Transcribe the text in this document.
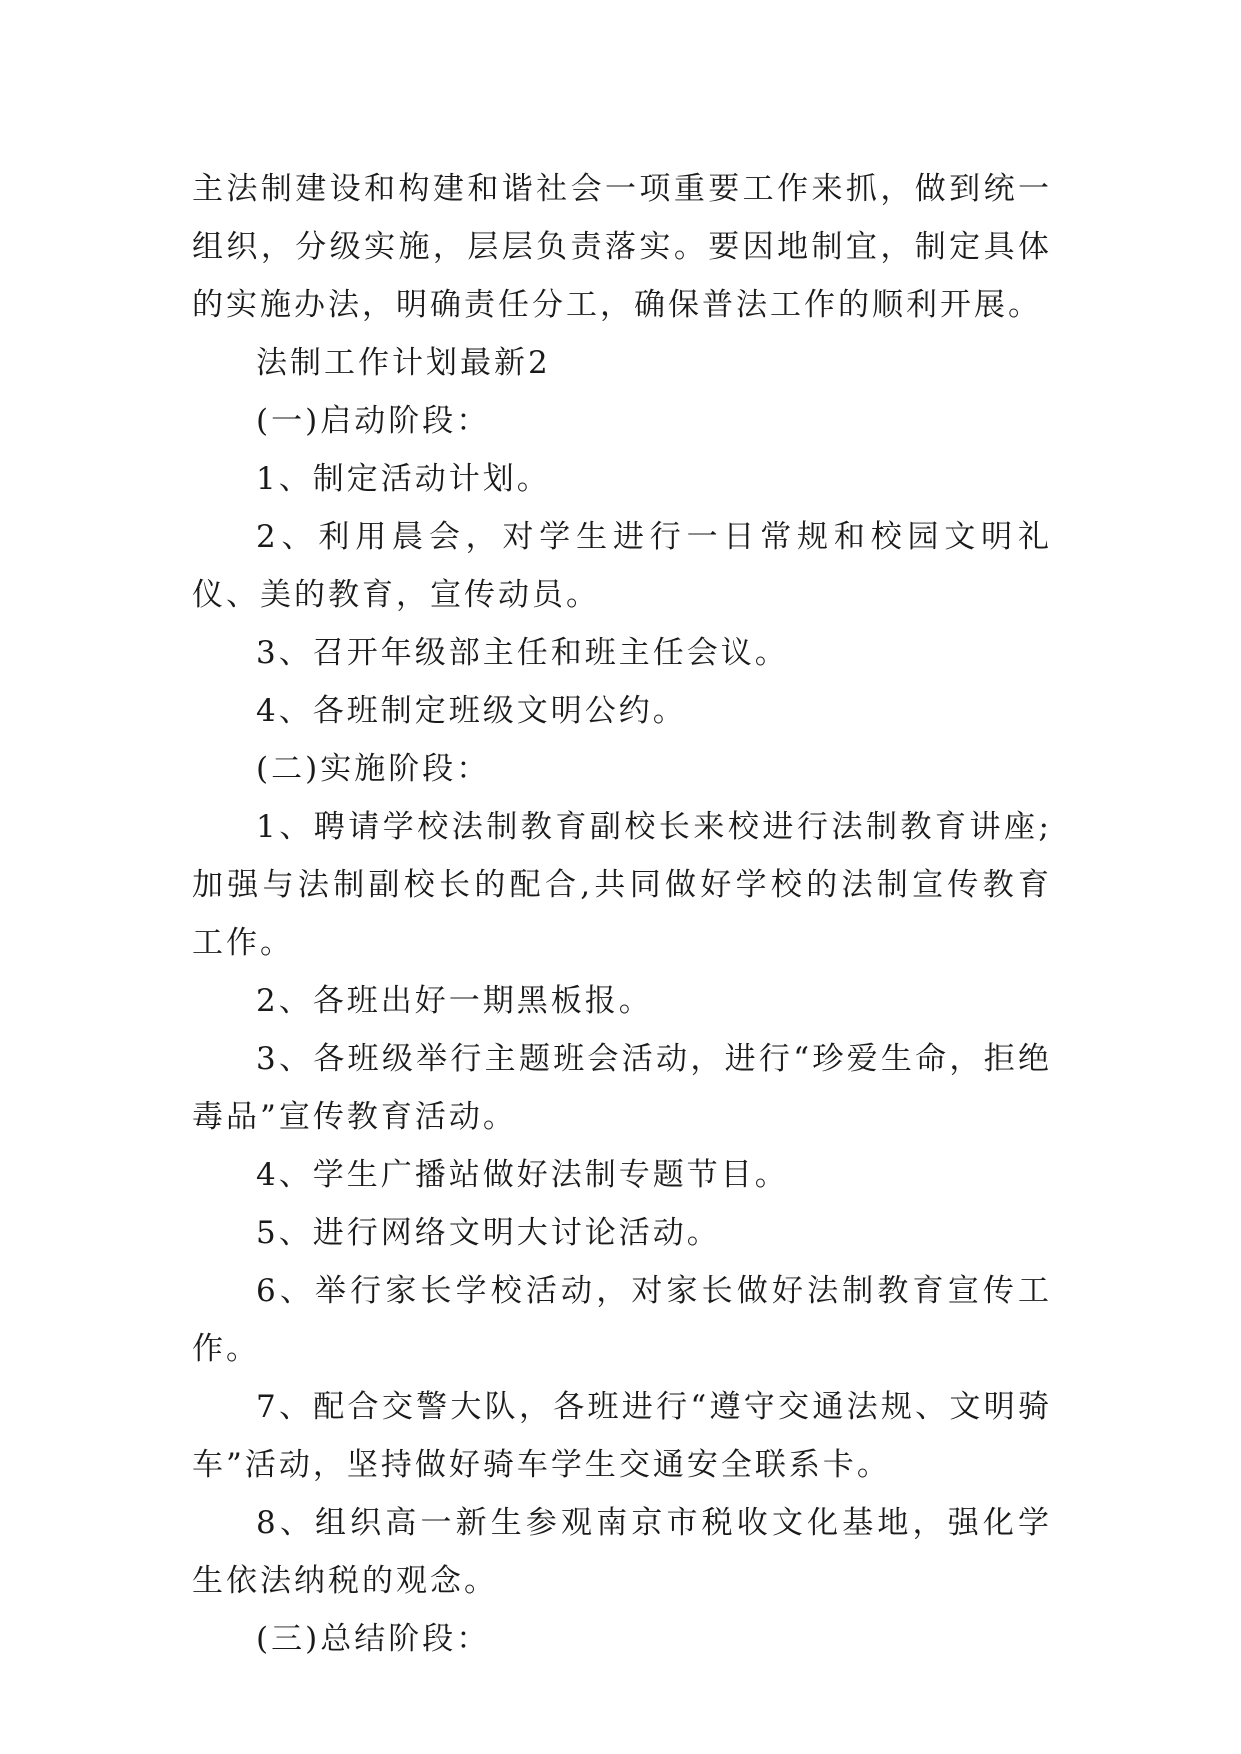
主法制建设和构建和谐社会一项重要工作来抓，做到统一组织，分级实施，层层负责落实。要因地制宜，制定具体的实施办法，明确责任分工，确保普法工作的顺利开展。

法制工作计划最新2

(一)启动阶段：

1、制定活动计划。

2、利用晨会，对学生进行一日常规和校园文明礼仪、美的教育，宣传动员。

3、召开年级部主任和班主任会议。

4、各班制定班级文明公约。

(二)实施阶段：

1、聘请学校法制教育副校长来校进行法制教育讲座;加强与法制副校长的配合,共同做好学校的法制宣传教育工作。

2、各班出好一期黑板报。

3、各班级举行主题班会活动，进行“珍爱生命，拒绝毒品”宣传教育活动。

4、学生广播站做好法制专题节目。

5、进行网络文明大讨论活动。

6、举行家长学校活动，对家长做好法制教育宣传工作。

7、配合交警大队，各班进行“遵守交通法规、文明骑车”活动，坚持做好骑车学生交通安全联系卡。

8、组织高一新生参观南京市税收文化基地，强化学生依法纳税的观念。

(三)总结阶段：
